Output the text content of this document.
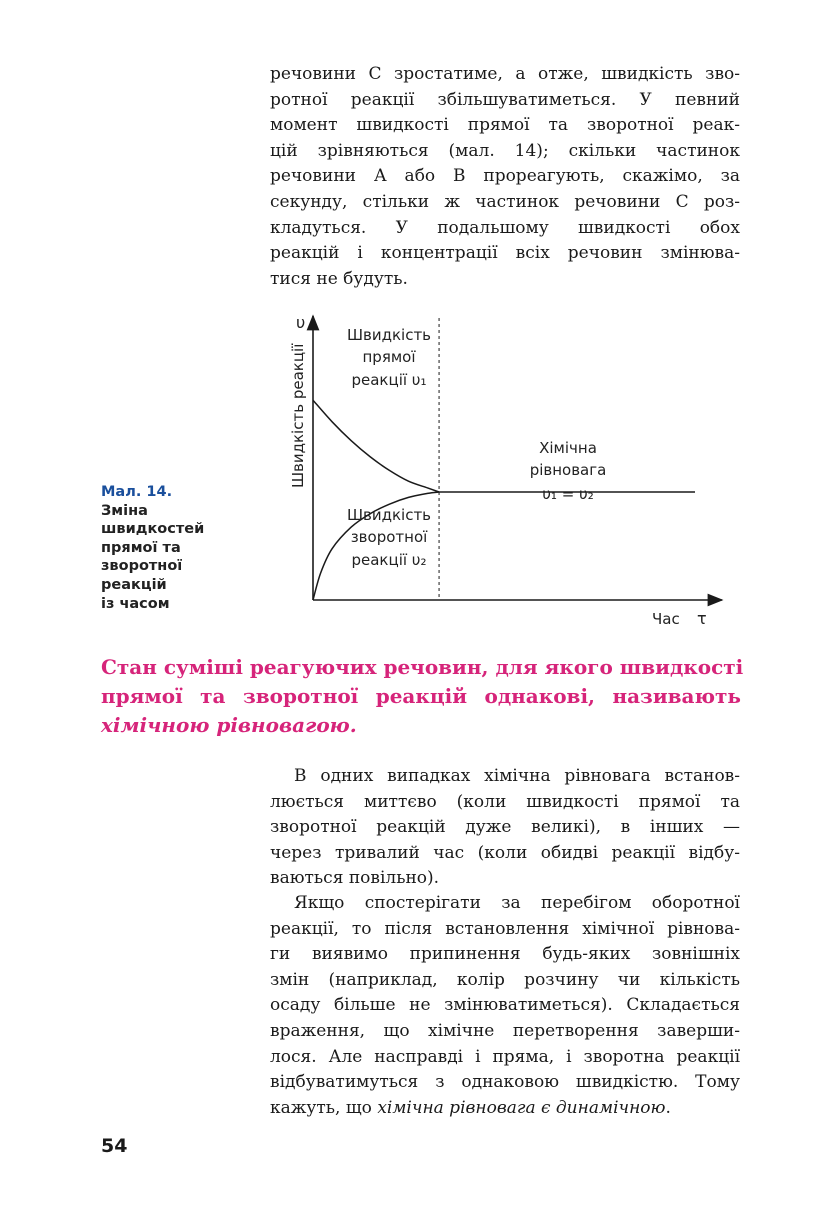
речовини С зростатиме, а отже, швидкість зво-
ротної реакції збільшуватиметься. У певний
момент швидкості прямої та зворотної реак-
цій зрівняються (мал. 14); скільки частинок
речовини А або В прореагують, скажімо, за
секунду, стільки ж частинок речовини С роз-
кладуться. У подальшому швидкості обох
реакцій і концентрації всіх речовин змінюва-
тися не будуть.
Мал. 14.
Зміна
швидкостей
прямої та
зворотної
реакцій
із часом
υ
Швидкість реакції
Час τ
Швидкість
прямої
реакції υ₁
Швидкість
зворотної
реакції υ₂
Хімічна
рівновага
υ₁ = υ₂
Стан суміші реагуючих речовин, для якого швидкості
прямої та зворотної реакцій однакові, називають
хімічною рівновагою.
В одних випадках хімічна рівновага встанов-
люється миттєво (коли швидкості прямої та
зворотної реакцій дуже великі), в інших —
через тривалий час (коли обидві реакції відбу-
ваються повільно).
Якщо спостерігати за перебігом оборотної
реакції, то після встановлення хімічної рівнова-
ги виявимо припинення будь-яких зовнішніх
змін (наприклад, колір розчину чи кількість
осаду більше не змінюватиметься). Складається
враження, що хімічне перетворення заверши-
лося. Але насправді і пряма, і зворотна реакції
відбуватимуться з однаковою швидкістю. Тому
кажуть, що хімічна рівновага є динамічною.
54
